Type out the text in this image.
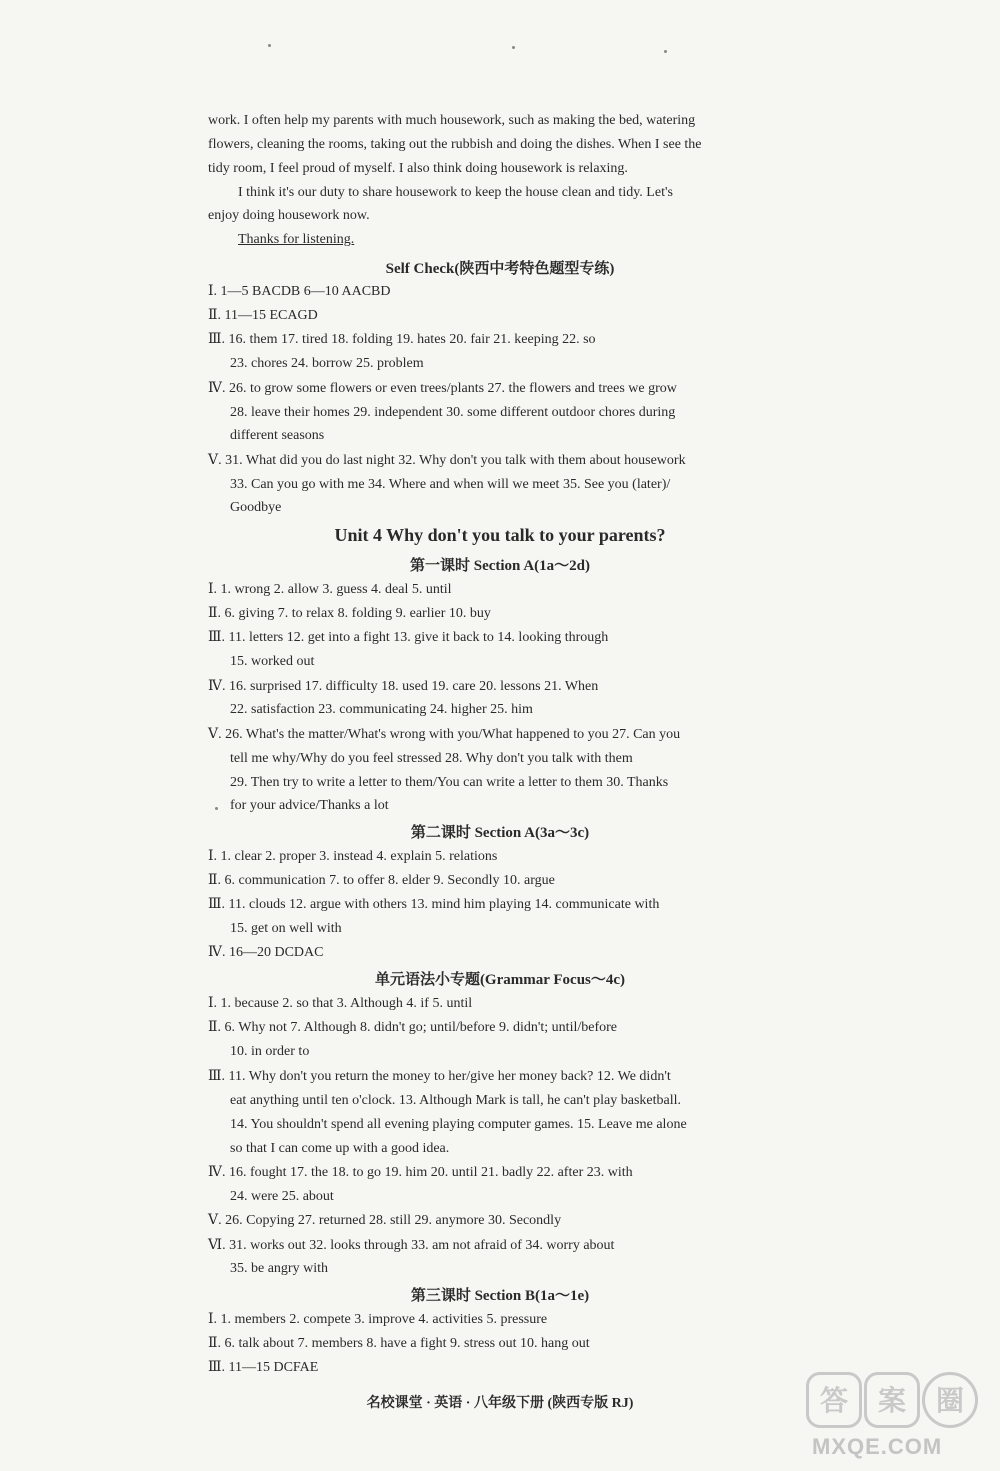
work. I often help my parents with much housework, such as making the bed, watering
flowers, cleaning the rooms, taking out the rubbish and doing the dishes. When I see the
tidy room, I feel proud of myself. I also think doing housework is relaxing.
I think it's our duty to share housework to keep the house clean and tidy. Let's
enjoy doing housework now.
Thanks for listening.
Self Check(陕西中考特色题型专练)
Ⅰ. 1—5 BACDB 6—10 AACBD
Ⅱ. 11—15 ECAGD
Ⅲ. 16. them 17. tired 18. folding 19. hates 20. fair 21. keeping 22. so
23. chores 24. borrow 25. problem
Ⅳ. 26. to grow some flowers or even trees/plants 27. the flowers and trees we grow
28. leave their homes 29. independent 30. some different outdoor chores during
different seasons
Ⅴ. 31. What did you do last night 32. Why don't you talk with them about housework
33. Can you go with me 34. Where and when will we meet 35. See you (later)/
Goodbye
Unit 4 Why don't you talk to your parents?
第一课时 Section A(1a～2d)
Ⅰ. 1. wrong 2. allow 3. guess 4. deal 5. until
Ⅱ. 6. giving 7. to relax 8. folding 9. earlier 10. buy
Ⅲ. 11. letters 12. get into a fight 13. give it back to 14. looking through
15. worked out
Ⅳ. 16. surprised 17. difficulty 18. used 19. care 20. lessons 21. When
22. satisfaction 23. communicating 24. higher 25. him
Ⅴ. 26. What's the matter/What's wrong with you/What happened to you 27. Can you
tell me why/Why do you feel stressed 28. Why don't you talk with them
29. Then try to write a letter to them/You can write a letter to them 30. Thanks
for your advice/Thanks a lot
第二课时 Section A(3a～3c)
Ⅰ. 1. clear 2. proper 3. instead 4. explain 5. relations
Ⅱ. 6. communication 7. to offer 8. elder 9. Secondly 10. argue
Ⅲ. 11. clouds 12. argue with others 13. mind him playing 14. communicate with
15. get on well with
Ⅳ. 16—20 DCDAC
单元语法小专题(Grammar Focus～4c)
Ⅰ. 1. because 2. so that 3. Although 4. if 5. until
Ⅱ. 6. Why not 7. Although 8. didn't go; until/before 9. didn't; until/before
10. in order to
Ⅲ. 11. Why don't you return the money to her/give her money back? 12. We didn't
eat anything until ten o'clock. 13. Although Mark is tall, he can't play basketball.
14. You shouldn't spend all evening playing computer games. 15. Leave me alone
so that I can come up with a good idea.
Ⅳ. 16. fought 17. the 18. to go 19. him 20. until 21. badly 22. after 23. with
24. were 25. about
Ⅴ. 26. Copying 27. returned 28. still 29. anymore 30. Secondly
Ⅵ. 31. works out 32. looks through 33. am not afraid of 34. worry about
35. be angry with
第三课时 Section B(1a～1e)
Ⅰ. 1. members 2. compete 3. improve 4. activities 5. pressure
Ⅱ. 6. talk about 7. members 8. have a fight 9. stress out 10. hang out
Ⅲ. 11—15 DCFAE
名校课堂 · 英语 · 八年级下册 (陕西专版 RJ)	答 案 圈
MXQE.COM
